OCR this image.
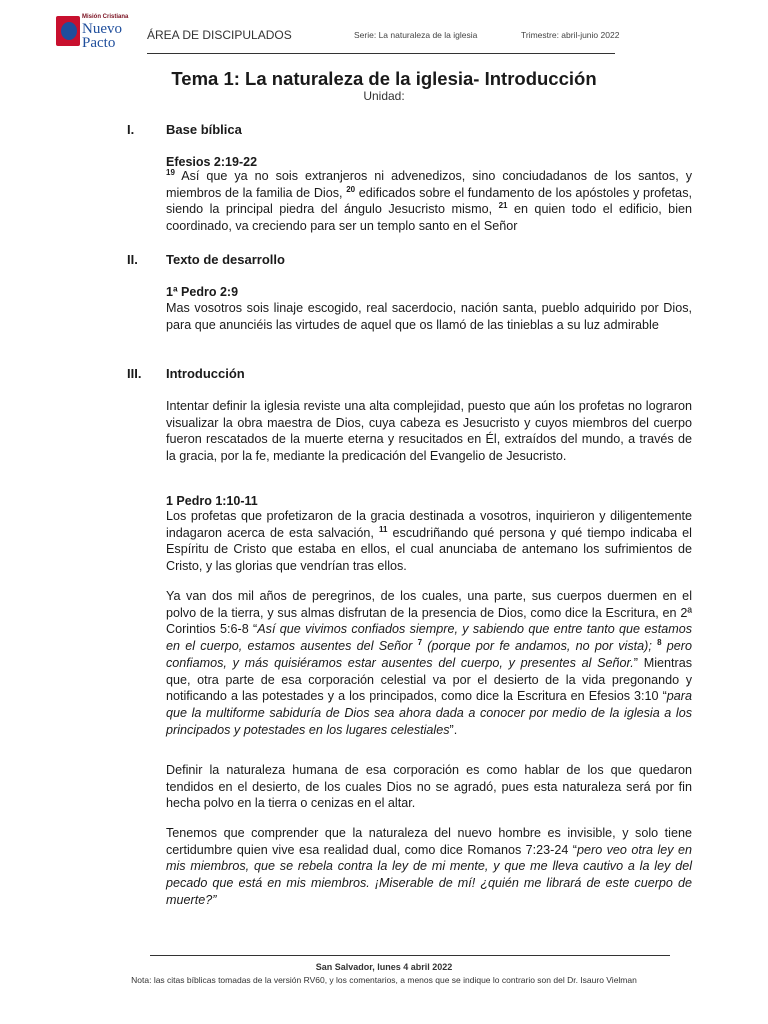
Misión Cristiana
Nuevo
Pacto	ÁREA DE DISCIPULADOS	Serie: La naturaleza de la iglesia	Trimestre: abril-junio 2022
Tema 1: La naturaleza de la iglesia- Introducción
Unidad:
I. Base bíblica
Efesios 2:19-22
$^{19}$ Así que ya no sois extranjeros ni advenedizos, sino conciudadanos de los santos, y miembros de la familia de Dios, $^{20}$ edificados sobre el fundamento de los apóstoles y profetas, siendo la principal piedra del ángulo Jesucristo mismo, $^{21}$ en quien todo el edificio, bien coordinado, va creciendo para ser un templo santo en el Señor
II. Texto de desarrollo
1ª Pedro 2:9
Mas vosotros sois linaje escogido, real sacerdocio, nación santa, pueblo adquirido por Dios, para que anunciéis las virtudes de aquel que os llamó de las tinieblas a su luz admirable
III. Introducción
Intentar definir la iglesia reviste una alta complejidad, puesto que aún los profetas no lograron visualizar la obra maestra de Dios, cuya cabeza es Jesucristo y cuyos miembros del cuerpo fueron rescatados de la muerte eterna y resucitados en Él, extraídos del mundo, a través de la gracia, por la fe, mediante la predicación del Evangelio de Jesucristo.
1 Pedro 1:10-11
Los profetas que profetizaron de la gracia destinada a vosotros, inquirieron y diligentemente indagaron acerca de esta salvación, $^{11}$ escudriñando qué persona y qué tiempo indicaba el Espíritu de Cristo que estaba en ellos, el cual anunciaba de antemano los sufrimientos de Cristo, y las glorias que vendrían tras ellos.
Ya van dos mil años de peregrinos, de los cuales, una parte, sus cuerpos duermen en el polvo de la tierra, y sus almas disfrutan de la presencia de Dios, como dice la Escritura, en 2ª Corintios 5:6-8 “Así que vivimos confiados siempre, y sabiendo que entre tanto que estamos en el cuerpo, estamos ausentes del Señor $^7$ (porque por fe andamos, no por vista); $^8$ pero confiamos, y más quisiéramos estar ausentes del cuerpo, y presentes al Señor.” Mientras que, otra parte de esa corporación celestial va por el desierto de la vida pregonando y notificando a las potestades y a los principados, como dice la Escritura en Efesios 3:10 “para que la multiforme sabiduría de Dios sea ahora dada a conocer por medio de la iglesia a los principados y potestades en los lugares celestiales”.
Definir la naturaleza humana de esa corporación es como hablar de los que quedaron tendidos en el desierto, de los cuales Dios no se agradó, pues esta naturaleza será por fin hecha polvo en la tierra o cenizas en el altar.
Tenemos que comprender que la naturaleza del nuevo hombre es invisible, y solo tiene certidumbre quien vive esa realidad dual, como dice Romanos 7:23-24 “pero veo otra ley en mis miembros, que se rebela contra la ley de mi mente, y que me lleva cautivo a la ley del pecado que está en mis miembros. ¡Miserable de mí! ¿quién me librará de este cuerpo de muerte?”
San Salvador, lunes 4 abril 2022
Nota: las citas bíblicas tomadas de la versión RV60, y los comentarios, a menos que se indique lo contrario son del Dr. Isauro Vielman
